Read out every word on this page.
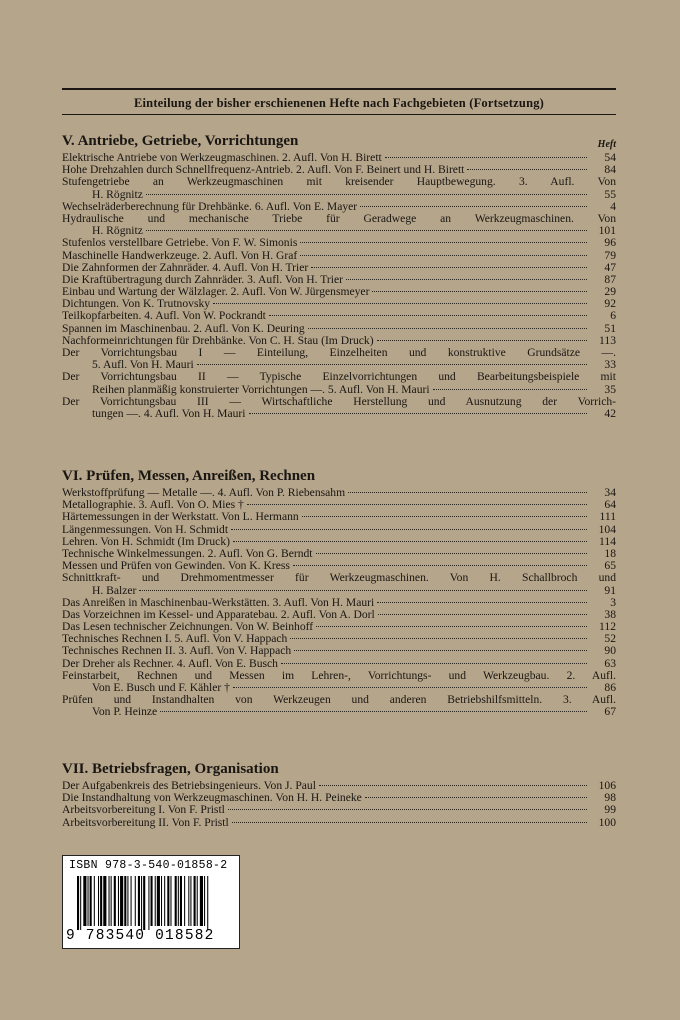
Einteilung der bisher erschienenen Hefte nach Fachgebieten (Fortsetzung)
V. Antriebe, Getriebe, Vorrichtungen	Heft
Elektrische Antriebe von Werkzeugmaschinen. 2. Aufl. Von H. Birett	54
Hohe Drehzahlen durch Schnellfrequenz-Antrieb. 2. Aufl. Von F. Beinert und H. Birett	84
Stufengetriebe an Werkzeugmaschinen mit kreisender Hauptbewegung. 3. Aufl. Von
H. Rögnitz	55
Wechselräderberechnung für Drehbänke. 6. Aufl. Von E. Mayer	4
Hydraulische und mechanische Triebe für Geradwege an Werkzeugmaschinen. Von
H. Rögnitz	101
Stufenlos verstellbare Getriebe. Von F. W. Simonis	96
Maschinelle Handwerkzeuge. 2. Aufl. Von H. Graf	79
Die Zahnformen der Zahnräder. 4. Aufl. Von H. Trier	47
Die Kraftübertragung durch Zahnräder. 3. Aufl. Von H. Trier	87
Einbau und Wartung der Wälzlager. 2. Aufl. Von W. Jürgensmeyer	29
Dichtungen. Von K. Trutnovsky	92
Teilkopfarbeiten. 4. Aufl. Von W. Pockrandt	6
Spannen im Maschinenbau. 2. Aufl. Von K. Deuring	51
Nachformeinrichtungen für Drehbänke. Von C. H. Stau (Im Druck)	113
Der Vorrichtungsbau I — Einteilung, Einzelheiten und konstruktive Grundsätze —.
5. Aufl. Von H. Mauri	33
Der Vorrichtungsbau II — Typische Einzelvorrichtungen und Bearbeitungsbeispiele mit
Reihen planmäßig konstruierter Vorrichtungen —. 5. Aufl. Von H. Mauri	35
Der Vorrichtungsbau III — Wirtschaftliche Herstellung und Ausnutzung der Vorrich-
tungen —. 4. Aufl. Von H. Mauri	42
VI. Prüfen, Messen, Anreißen, Rechnen
Werkstoffprüfung — Metalle —. 4. Aufl. Von P. Riebensahm	34
Metallographie. 3. Aufl. Von O. Mies †	64
Härtemessungen in der Werkstatt. Von L. Hermann	111
Längenmessungen. Von H. Schmidt	104
Lehren. Von H. Schmidt (Im Druck)	114
Technische Winkelmessungen. 2. Aufl. Von G. Berndt	18
Messen und Prüfen von Gewinden. Von K. Kress	65
Schnittkraft- und Drehmomentmesser für Werkzeugmaschinen. Von H. Schallbroch und
H. Balzer	91
Das Anreißen in Maschinenbau-Werkstätten. 3. Aufl. Von H. Mauri	3
Das Vorzeichnen im Kessel- und Apparatebau. 2. Aufl. Von A. Dorl	38
Das Lesen technischer Zeichnungen. Von W. Beinhoff	112
Technisches Rechnen I. 5. Aufl. Von V. Happach	52
Technisches Rechnen II. 3. Aufl. Von V. Happach	90
Der Dreher als Rechner. 4. Aufl. Von E. Busch	63
Feinstarbeit, Rechnen und Messen im Lehren-, Vorrichtungs- und Werkzeugbau. 2. Aufl.
Von E. Busch und F. Kähler †	86
Prüfen und Instandhalten von Werkzeugen und anderen Betriebshilfsmitteln. 3. Aufl.
Von P. Heinze	67
VII. Betriebsfragen, Organisation
Der Aufgabenkreis des Betriebsingenieurs. Von J. Paul	106
Die Instandhaltung von Werkzeugmaschinen. Von H. H. Peineke	98
Arbeitsvorbereitung I. Von F. Pristl	99
Arbeitsvorbereitung II. Von F. Pristl	100
ISBN 978-3-540-01858-2
9 783540 018582
